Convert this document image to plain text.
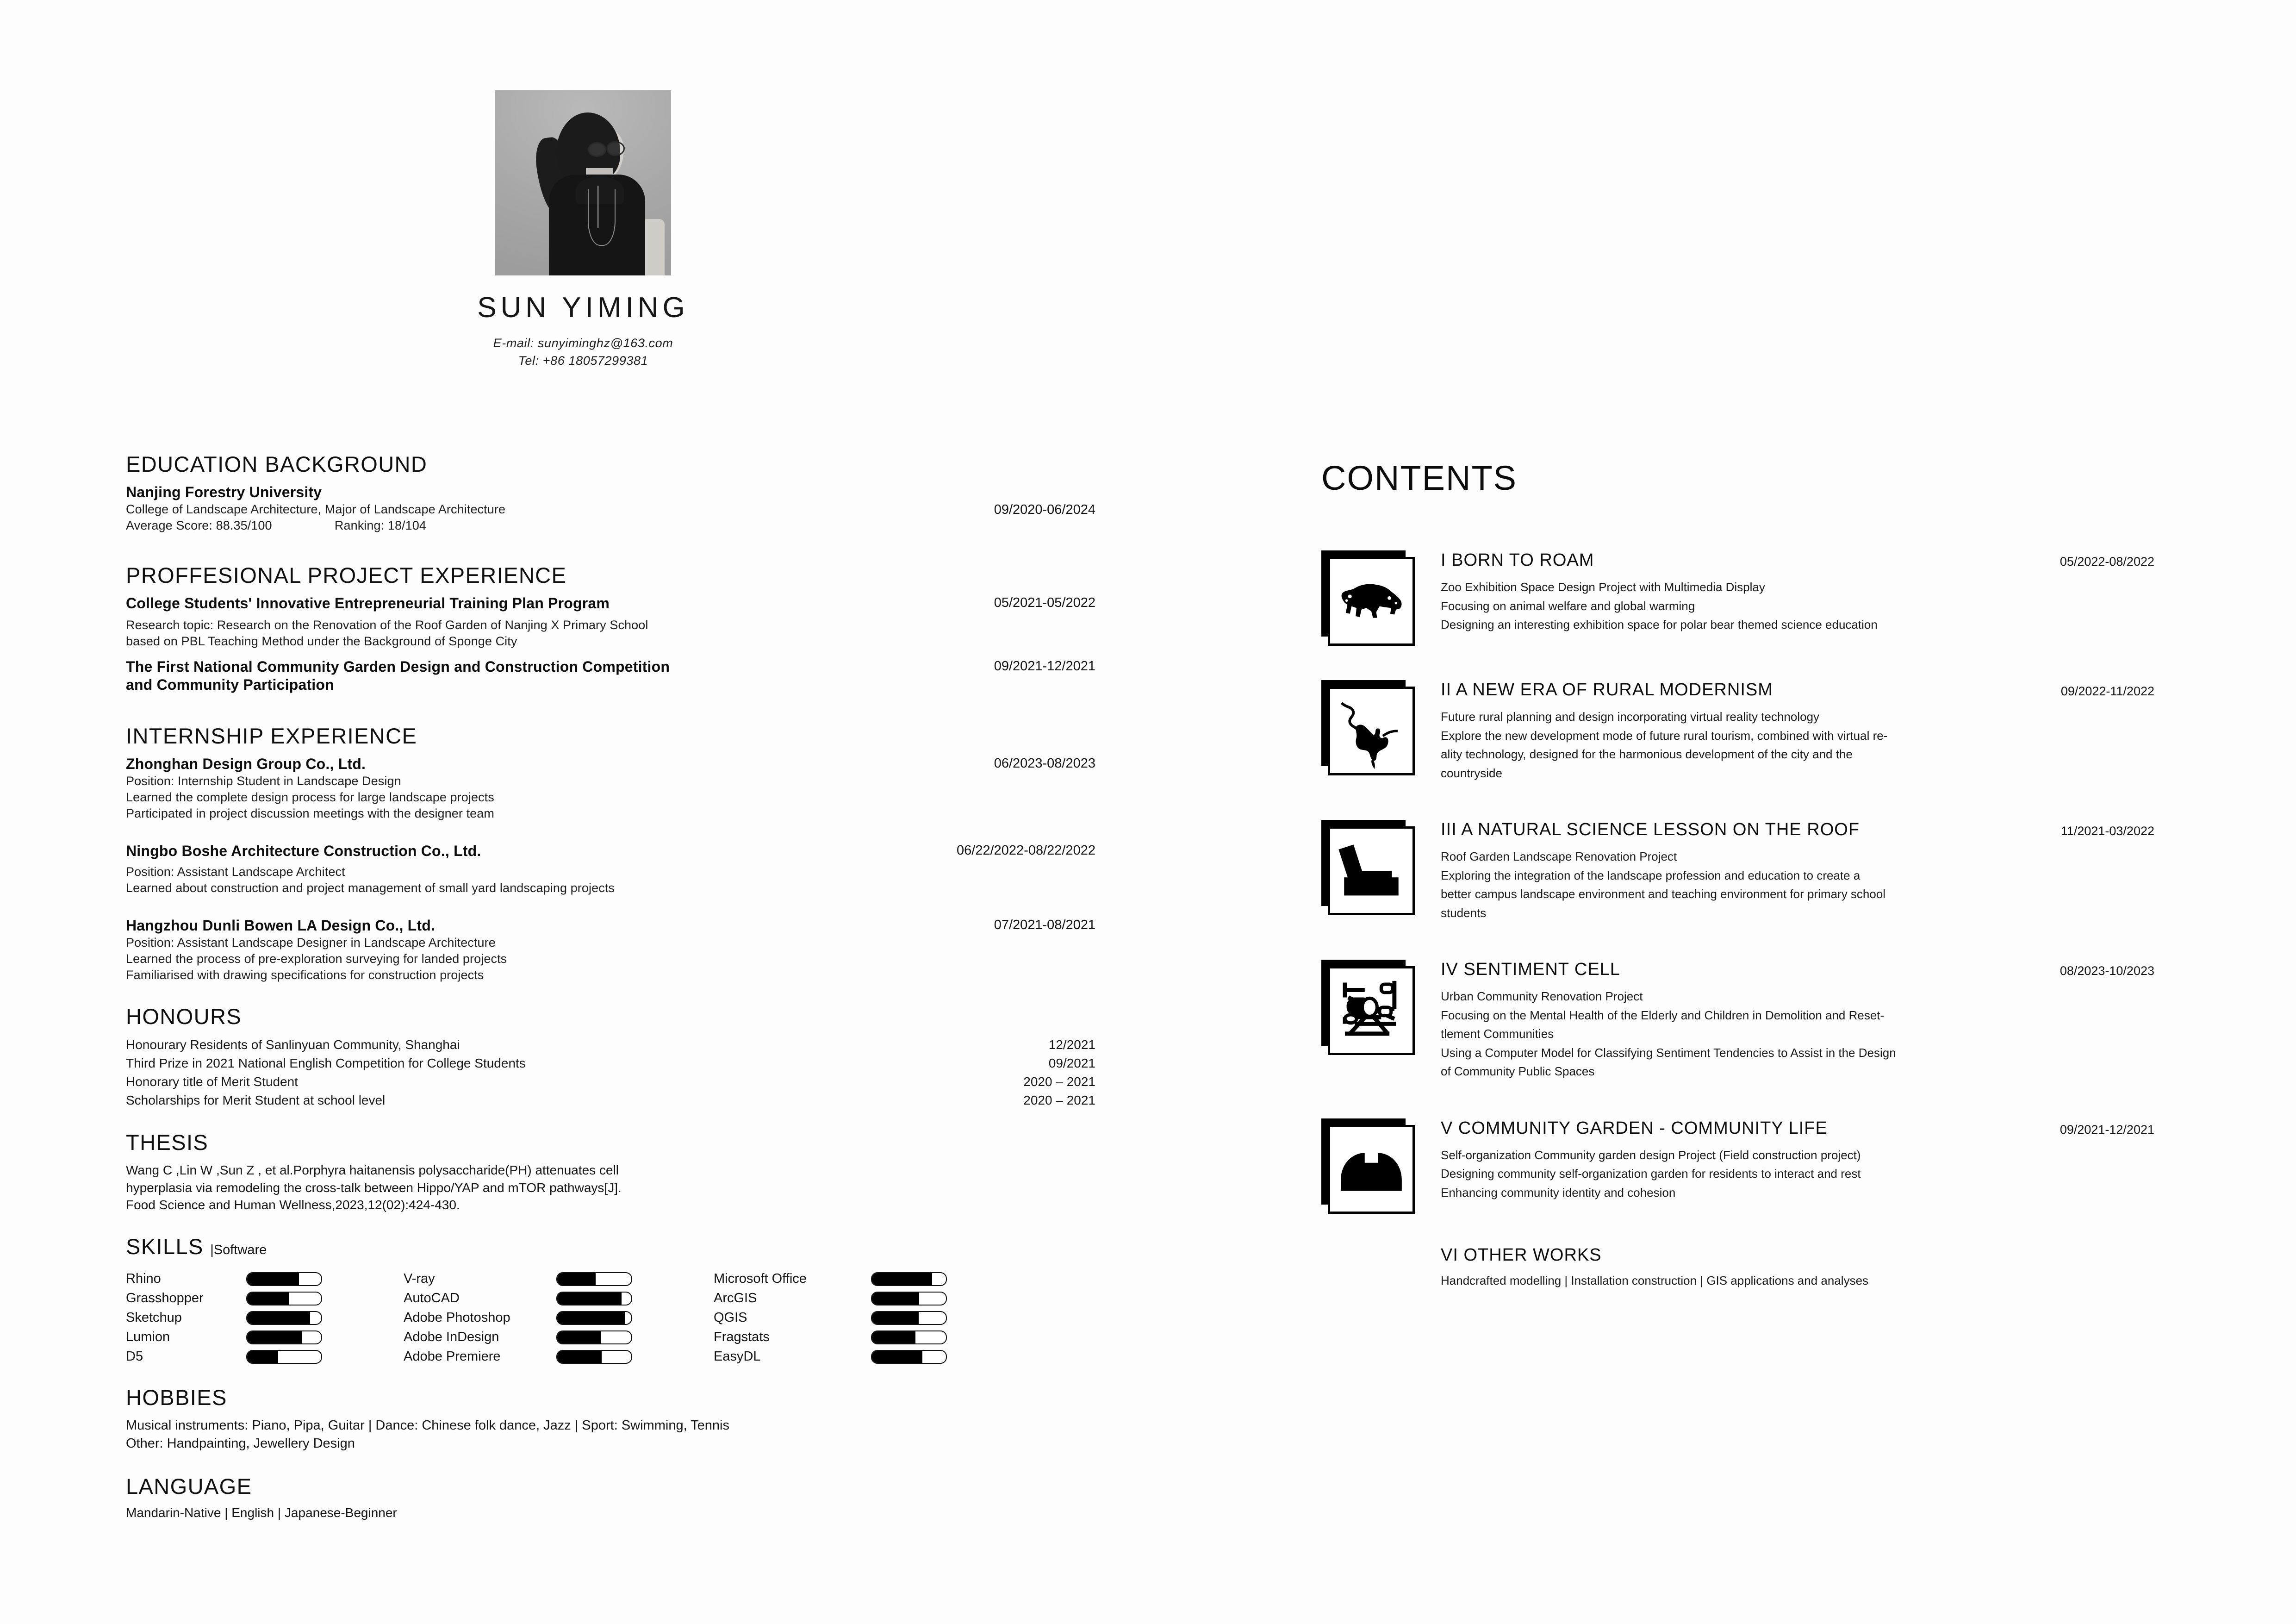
SUN YIMING
E-mail: sunyiminghz@163.com
Tel: +86 18057299381
EDUCATION BACKGROUND
Nanjing Forestry University
College of Landscape Architecture, Major of Landscape Architecture	09/2020-06/2024
Average Score: 88.35/100	Ranking: 18/104
PROFFESIONAL PROJECT EXPERIENCE
College Students' Innovative Entrepreneurial Training Plan Program	05/2021-05/2022
Research topic: Research on the Renovation of the Roof Garden of Nanjing X Primary School
based on PBL Teaching Method under the Background of Sponge City
The First National Community Garden Design and Construction Competition	09/2021-12/2021
and Community Participation
INTERNSHIP EXPERIENCE
Zhonghan Design Group Co., Ltd.	06/2023-08/2023
Position: Internship Student in Landscape Design
Learned the complete design process for large landscape projects
Participated in project discussion meetings with the designer team
Ningbo Boshe Architecture Construction Co., Ltd.	06/22/2022-08/22/2022
Position: Assistant Landscape Architect
Learned about construction and project management of small yard landscaping projects
Hangzhou Dunli Bowen LA Design Co., Ltd.	07/2021-08/2021
Position: Assistant Landscape Designer in Landscape Architecture
Learned the process of pre-exploration surveying for landed projects
Familiarised with drawing specifications for construction projects
HONOURS
Honourary Residents of Sanlinyuan Community, Shanghai	12/2021
Third Prize in 2021 National English Competition for College Students	09/2021
Honorary title of Merit Student	2020 – 2021
Scholarships for Merit Student at school level	2020 – 2021
THESIS
Wang C ,Lin W ,Sun Z , et al.Porphyra haitanensis polysaccharide(PH) attenuates cell
hyperplasia via remodeling the cross-talk between Hippo/YAP and mTOR pathways[J].
Food Science and Human Wellness,2023,12(02):424-430.
SKILLS |Software
Rhino	V-ray	Microsoft Office
Grasshopper	AutoCAD	ArcGIS
Sketchup	Adobe Photoshop	QGIS
Lumion	Adobe InDesign	Fragstats
D5	Adobe Premiere	EasyDL
HOBBIES
Musical instruments: Piano, Pipa, Guitar | Dance: Chinese folk dance, Jazz | Sport: Swimming, Tennis
Other: Handpainting, Jewellery Design
LANGUAGE
Mandarin-Native | English | Japanese-Beginner
CONTENTS
I BORN TO ROAM	05/2022-08/2022
Zoo Exhibition Space Design Project with Multimedia Display
Focusing on animal welfare and global warming
Designing an interesting exhibition space for polar bear themed science education
II A NEW ERA OF RURAL MODERNISM	09/2022-11/2022
Future rural planning and design incorporating virtual reality technology
Explore the new development mode of future rural tourism, combined with virtual re-
ality technology, designed for the harmonious development of the city and the
countryside
III A NATURAL SCIENCE LESSON ON THE ROOF	11/2021-03/2022
Roof Garden Landscape Renovation Project
Exploring the integration of the landscape profession and education to create a
better campus landscape environment and teaching environment for primary school
students
IV SENTIMENT CELL	08/2023-10/2023
Urban Community Renovation Project
Focusing on the Mental Health of the Elderly and Children in Demolition and Reset-
tlement Communities
Using a Computer Model for Classifying Sentiment Tendencies to Assist in the Design
of Community Public Spaces
V COMMUNITY GARDEN - COMMUNITY LIFE	09/2021-12/2021
Self-organization Community garden design Project (Field construction project)
Designing community self-organization garden for residents to interact and rest
Enhancing community identity and cohesion
VI OTHER WORKS
Handcrafted modelling | Installation construction | GIS applications and analyses
